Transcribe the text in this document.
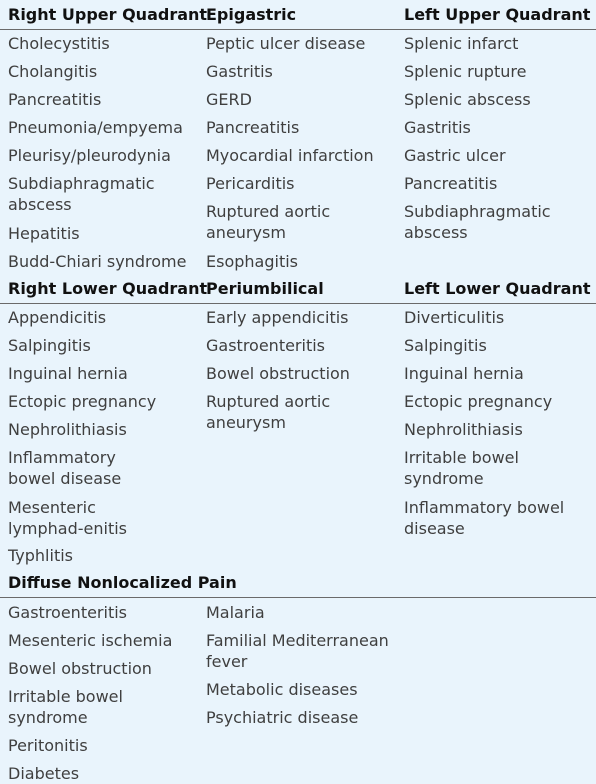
Right Upper Quadrant
Epigastric	Left Upper Quadrant
Cholecystitis
Cholangitis
Pancreatitis
Pneumonia/empyema
Pleurisy/pleurodynia
Subdiaphragmatic abscess
Hepatitis
Budd-Chiari syndrome
Peptic ulcer disease
Gastritis
GERD
Pancreatitis
Myocardial infarction
Pericarditis
Ruptured aortic aneurysm
Esophagitis
Splenic infarct
Splenic rupture
Splenic abscess
Gastritis
Gastric ulcer
Pancreatitis
Subdiaphragmatic abscess
Right Lower Quadrant
Periumbilical	Left Lower Quadrant
Appendicitis
Salpingitis
Inguinal hernia
Ectopic pregnancy
Nephrolithiasis
Inflammatory bowel disease
Mesenteric lymphad-enitis
Typhlitis
Early appendicitis
Gastroenteritis
Bowel obstruction
Ruptured aortic aneurysm
Diverticulitis
Salpingitis
Inguinal hernia
Ectopic pregnancy
Nephrolithiasis
Irritable bowel syndrome
Inflammatory bowel disease
Diffuse Nonlocalized Pain
Gastroenteritis
Mesenteric ischemia
Bowel obstruction
Irritable bowel syndrome
Peritonitis
Diabetes
Malaria
Familial Mediterranean fever
Metabolic diseases
Psychiatric disease
